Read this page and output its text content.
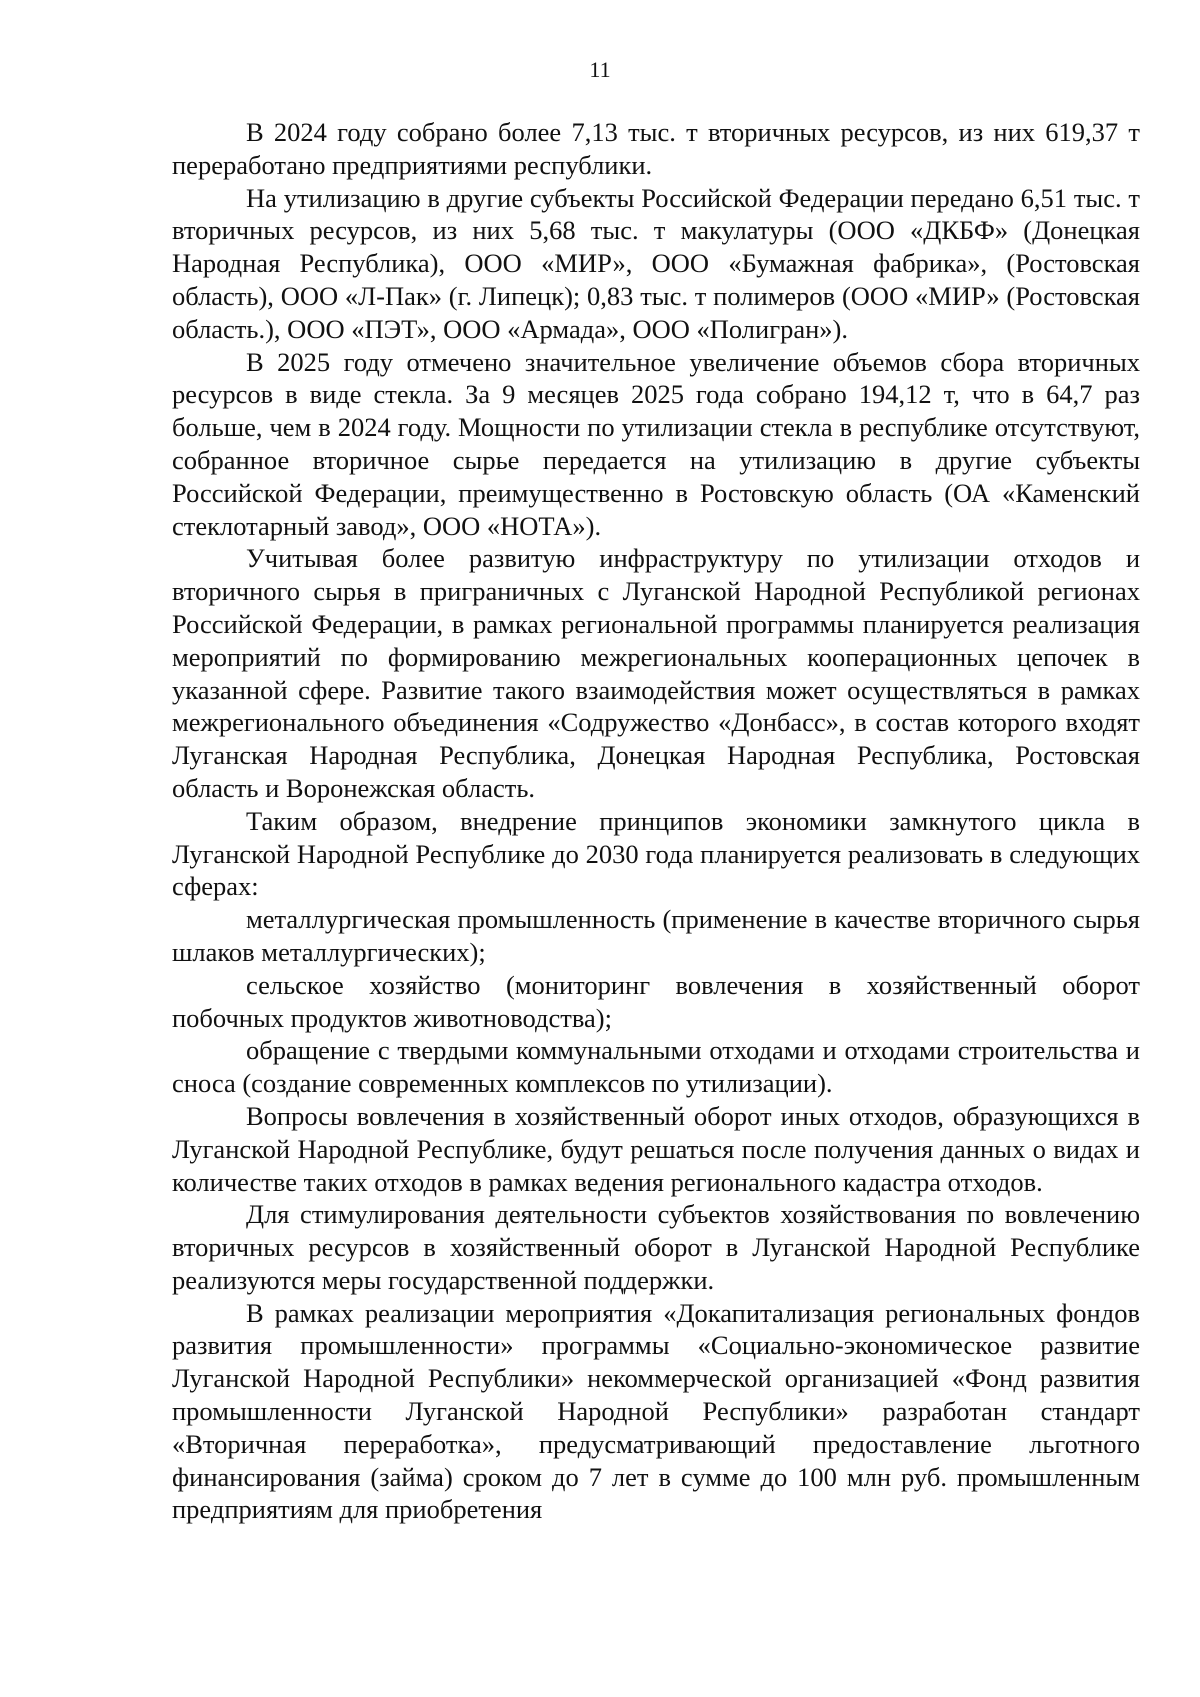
11

В 2024 году собрано более 7,13 тыс. т вторичных ресурсов, из них 619,37 т переработано предприятиями республики.

На утилизацию в другие субъекты Российской Федерации передано 6,51 тыс. т вторичных ресурсов, из них 5,68 тыс. т макулатуры (ООО «ДКБФ» (Донецкая Народная Республика), ООО «МИР», ООО «Бумажная фабрика», (Ростовская область), ООО «Л-Пак» (г. Липецк); 0,83 тыс. т полимеров (ООО «МИР» (Ростовская область.), ООО «ПЭТ», ООО «Армада», ООО «Полигран»).

В 2025 году отмечено значительное увеличение объемов сбора вторичных ресурсов в виде стекла. За 9 месяцев 2025 года собрано 194,12 т, что в 64,7 раз больше, чем в 2024 году. Мощности по утилизации стекла в республике отсутствуют, собранное вторичное сырье передается на утилизацию в другие субъекты Российской Федерации, преимущественно в Ростовскую область (ОА «Каменский стеклотарный завод», ООО «НОТА»).

Учитывая более развитую инфраструктуру по утилизации отходов и вторичного сырья в приграничных с Луганской Народной Республикой регионах Российской Федерации, в рамках региональной программы планируется реализация мероприятий по формированию межрегиональных кооперационных цепочек в указанной сфере. Развитие такого взаимодействия может осуществляться в рамках межрегионального объединения «Содружество «Донбасс», в состав которого входят Луганская Народная Республика, Донецкая Народная Республика, Ростовская область и Воронежская область.

Таким образом, внедрение принципов экономики замкнутого цикла в Луганской Народной Республике до 2030 года планируется реализовать в следующих сферах:

металлургическая промышленность (применение в качестве вторичного сырья шлаков металлургических);

сельское хозяйство (мониторинг вовлечения в хозяйственный оборот побочных продуктов животноводства);

обращение с твердыми коммунальными отходами и отходами строительства и сноса (создание современных комплексов по утилизации).

Вопросы вовлечения в хозяйственный оборот иных отходов, образующихся в Луганской Народной Республике, будут решаться после получения данных о видах и количестве таких отходов в рамках ведения регионального кадастра отходов.

Для стимулирования деятельности субъектов хозяйствования по вовлечению вторичных ресурсов в хозяйственный оборот в Луганской Народной Республике реализуются меры государственной поддержки.

В рамках реализации мероприятия «Докапитализация региональных фондов развития промышленности» программы «Социально-экономическое развитие Луганской Народной Республики» некоммерческой организацией «Фонд развития промышленности Луганской Народной Республики» разработан стандарт «Вторичная переработка», предусматривающий предоставление льготного финансирования (займа) сроком до 7 лет в сумме до 100 млн руб. промышленным предприятиям для приобретения
